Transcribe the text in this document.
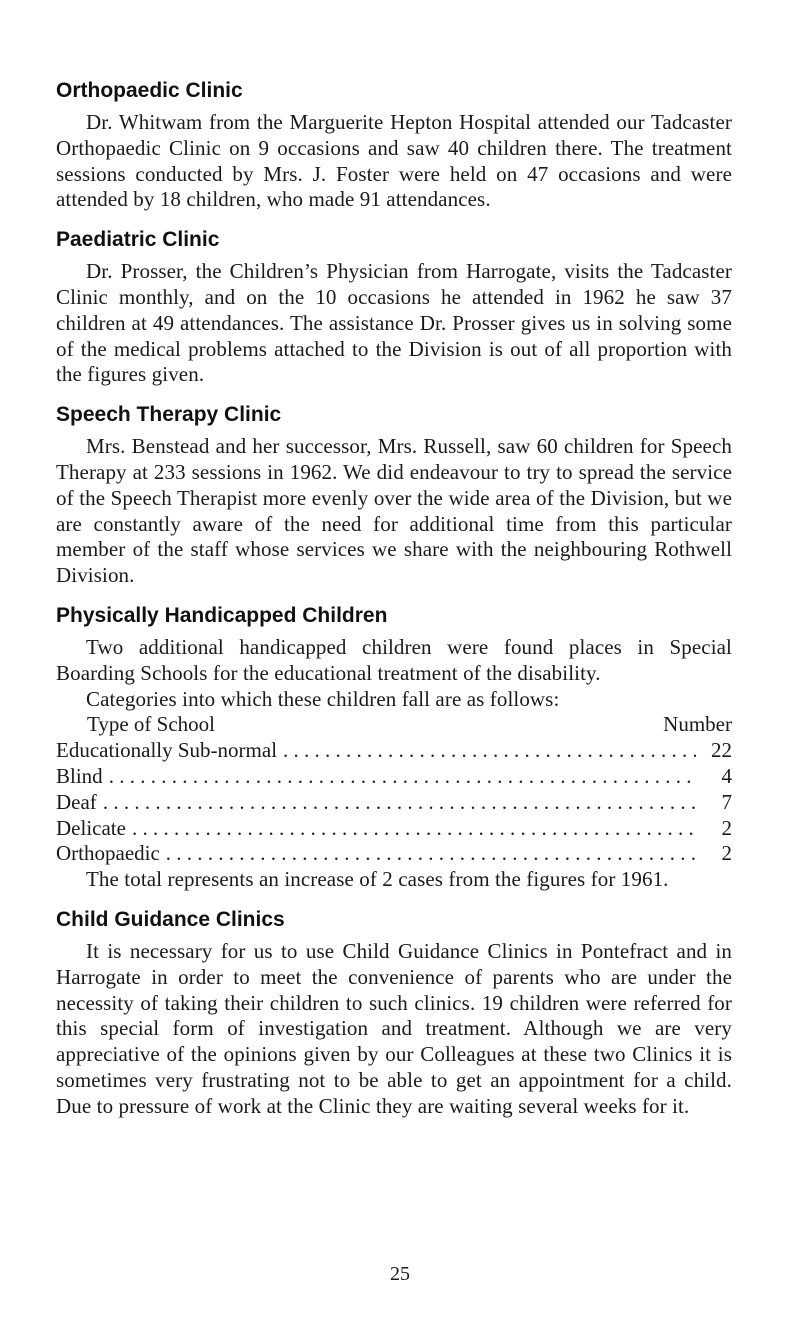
Orthopaedic Clinic

Dr. Whitwam from the Marguerite Hepton Hospital attended our Tadcaster Orthopaedic Clinic on 9 occasions and saw 40 children there. The treatment sessions conducted by Mrs. J. Foster were held on 47 occasions and were attended by 18 children, who made 91 attendances.

Paediatric Clinic

Dr. Prosser, the Children’s Physician from Harrogate, visits the Tadcaster Clinic monthly, and on the 10 occasions he attended in 1962 he saw 37 children at 49 attendances. The assistance Dr. Prosser gives us in solving some of the medical problems attached to the Division is out of all proportion with the figures given.

Speech Therapy Clinic

Mrs. Benstead and her successor, Mrs. Russell, saw 60 children for Speech Therapy at 233 sessions in 1962. We did endeavour to try to spread the service of the Speech Therapist more evenly over the wide area of the Division, but we are constantly aware of the need for additional time from this particular member of the staff whose services we share with the neighbouring Rothwell Division.

Physically Handicapped Children

Two additional handicapped children were found places in Special Boarding Schools for the educational treatment of the disability.

Categories into which these children fall are as follows:

Type of School	Number
Educationally Sub-normal . . .	22
Blind . . .	4
Deaf . . .	7
Delicate . . .	2
Orthopaedic . . .	2

The total represents an increase of 2 cases from the figures for 1961.

Child Guidance Clinics

It is necessary for us to use Child Guidance Clinics in Pontefract and in Harrogate in order to meet the convenience of parents who are under the necessity of taking their children to such clinics. 19 children were referred for this special form of investigation and treatment. Although we are very appreciative of the opinions given by our Colleagues at these two Clinics it is sometimes very frustrating not to be able to get an appointment for a child. Due to pressure of work at the Clinic they are waiting several weeks for it.

25
